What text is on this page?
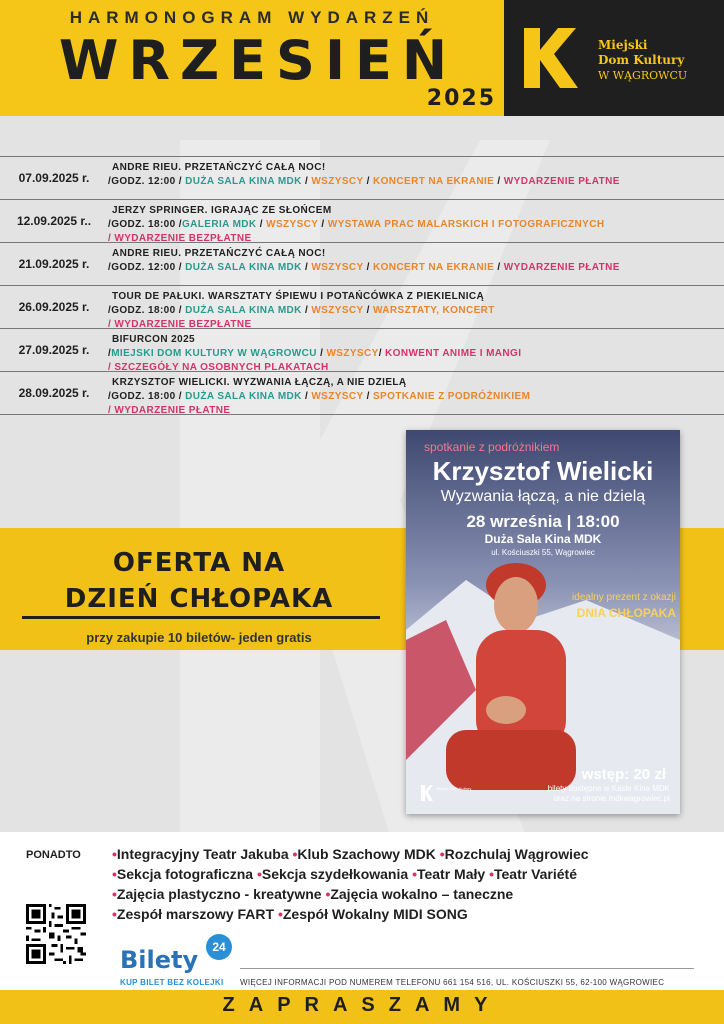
HARMONOGRAM WYDARZEŃ
WRZESIEŃ
2025
Miejski
Dom Kultury
W WĄGROWCU
07.09.2025 r.
ANDRE RIEU. PRZETAŃCZYĆ CAŁĄ NOC!
/GODZ. 12:00 / DUŻA SALA KINA MDK / WSZYSCY / KONCERT NA EKRANIE / WYDARZENIE PŁATNE
12.09.2025 r..
JERZY SPRINGER. IGRAJĄC ZE SŁOŃCEM
/GODZ. 18:00 /GALERIA MDK / WSZYSCY / WYSTAWA PRAC MALARSKICH I FOTOGRAFICZNYCH
/ WYDARZENIE BEZPŁATNE
21.09.2025 r.
ANDRE RIEU. PRZETAŃCZYĆ CAŁĄ NOC!
/GODZ. 12:00 / DUŻA SALA KINA MDK / WSZYSCY / KONCERT NA EKRANIE / WYDARZENIE PŁATNE
26.09.2025 r.
TOUR DE PAŁUKI. WARSZTATY ŚPIEWU I POTAŃCÓWKA Z PIEKIELNICĄ
/GODZ. 18:00 / DUŻA SALA KINA MDK / WSZYSCY / WARSZTATY, KONCERT
/ WYDARZENIE BEZPŁATNE
27.09.2025 r.
BIFURCON 2025
/MIEJSKI DOM KULTURY W WĄGROWCU / WSZYSCY/ KONWENT ANIME I MANGI
/ SZCZEGÓŁY NA OSOBNYCH PLAKATACH
28.09.2025 r.
KRZYSZTOF WIELICKI. WYZWANIA ŁĄCZĄ, A NIE DZIELĄ
/GODZ. 18:00 / DUŻA SALA KINA MDK / WSZYSCY / SPOTKANIE Z PODRÓŻNIKIEM
/ WYDARZENIE PŁATNE
OFERTA NA
DZIEŃ CHŁOPAKA
przy zakupie 10 biletów- jeden gratis
spotkanie z podróżnikiem
Krzysztof Wielicki
Wyzwania łączą, a nie dzielą
28 września | 18:00
Duża Sala Kina MDK
ul. Kościuszki 55, Wągrowiec
idealny prezent z okazji
DNIA CHŁOPAKA
wstęp: 20 zł
bilety dostępne w Kasie Kina MDK
oraz na stronie mdkwagrowiec.pl
Miejski Dom Kultury
PONADTO •Integracyjny Teatr Jakuba •Klub Szachowy MDK •Rozchulaj Wągrowiec
•Sekcja fotograficzna •Sekcja szydełkowania •Teatr Mały •Teatr Variété
•Zajęcia plastyczno - kreatywne •Zajęcia wokalno – taneczne
•Zespół marszowy FART •Zespół Wokalny MIDI SONG
Bilety	24
KUP BILET BEZ KOLEJKI WIĘCEJ INFORMACJI POD NUMEREM TELEFONU 661 154 516, UL. KOŚCIUSZKI 55, 62-100 WĄGROWIEC
ZAPRASZAMY
